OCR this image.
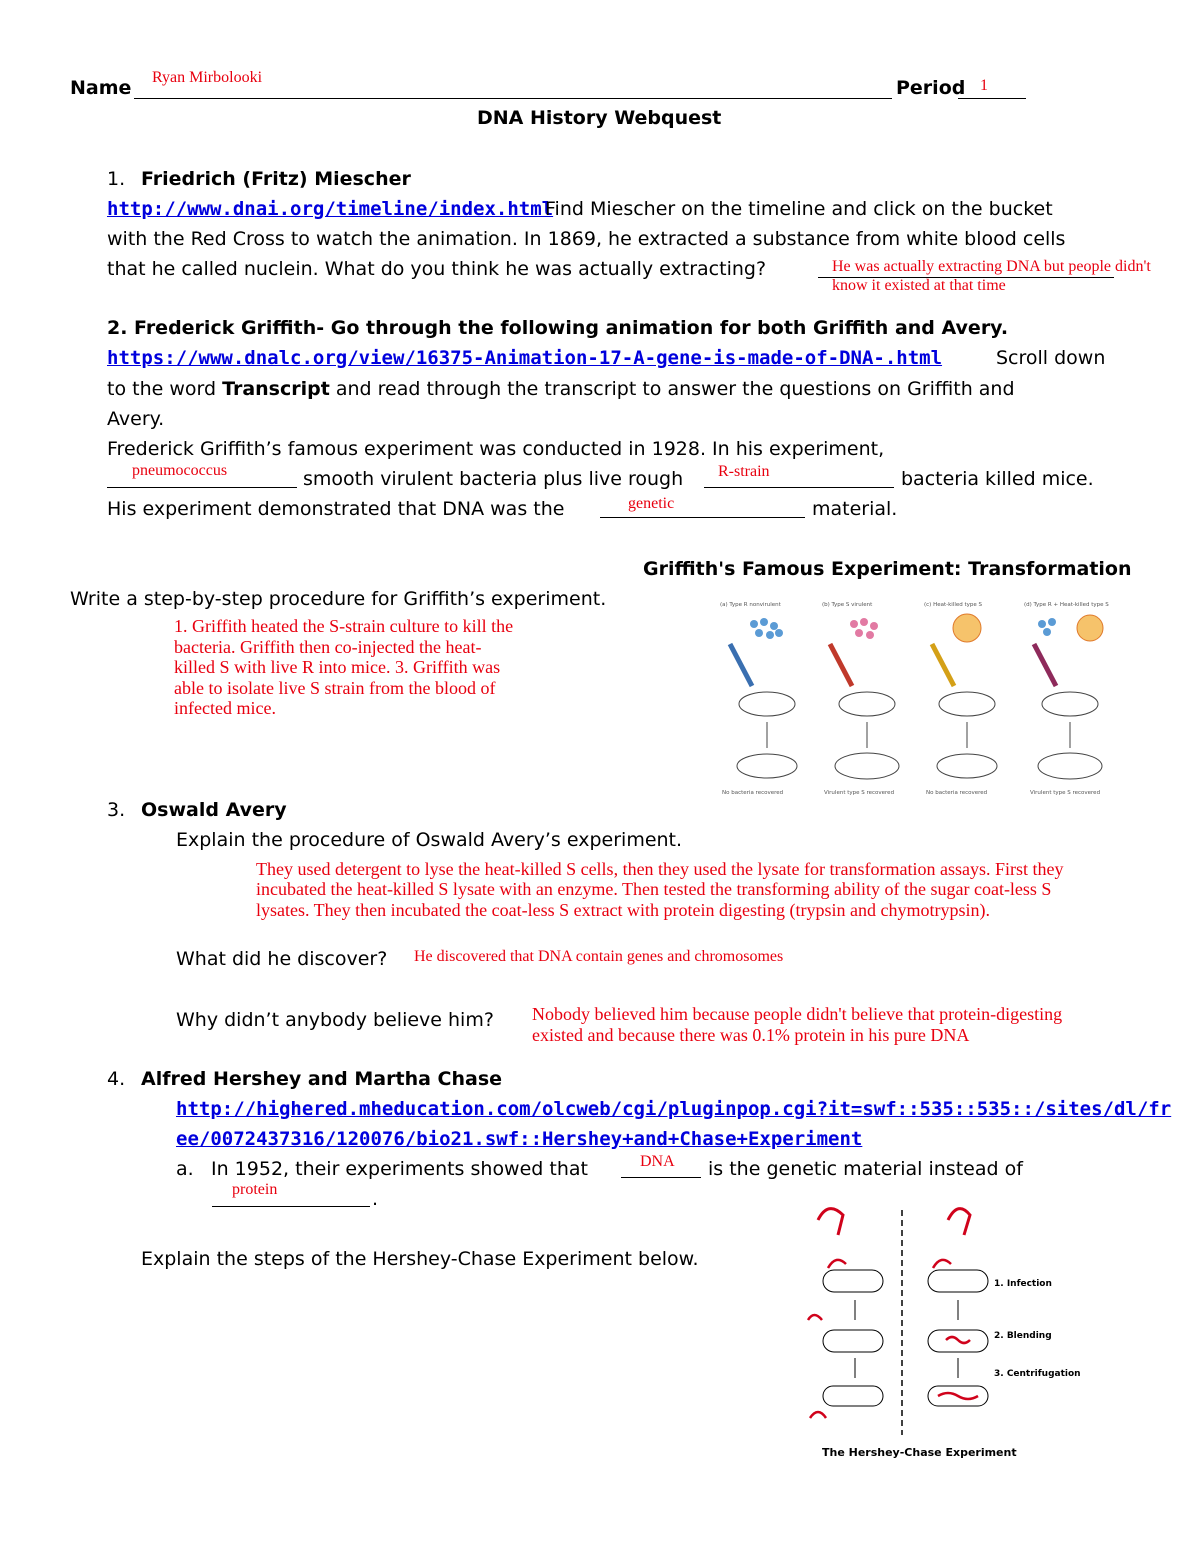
Name Ryan Mirbolooki	Period 1
DNA History Webquest
1. Friedrich (Fritz) Miescher
http://www.dnai.org/timeline/index.html
Find Miescher on the timeline and click on the bucket
with the Red Cross to watch the animation. In 1869, he extracted a substance from white blood cells
that he called nuclein. What do you think he was actually extracting?	He was actually extracting DNA but people didn't
know it existed at that time
2. Frederick Griffith- Go through the following animation for both Griffith and Avery.
https://www.dnalc.org/view/16375-Animation-17-A-gene-is-made-of-DNA-.html	Scroll down
to the word Transcript and read through the transcript to answer the questions on Griffith and
Avery.
Frederick Griffith’s famous experiment was conducted in 1928. In his experiment,
pneumococcus	smooth virulent bacteria plus live rough R-strain	bacteria killed mice.
His experiment demonstrated that DNA was the	genetic	material.
Griffith's Famous Experiment: Transformation
Write a step-by-step procedure for Griffith’s experiment.
1. Griffith heated the S-strain culture to kill the
bacteria. Griffith then co-injected the heat-
killed S with live R into mice. 3. Griffith was
able to isolate live S strain from the blood of
infected mice.
(a) Type R nonvirulent	(b) Type S virulent	(c) Heat-killed type S	(d) Type R + Heat-killed type S
No bacteria recovered	Virulent type S recovered	No bacteria recovered	Virulent type S recovered
3. Oswald Avery
Explain the procedure of Oswald Avery’s experiment.
They used detergent to lyse the heat-killed S cells, then they used the lysate for transformation assays. First they
incubated the heat-killed S lysate with an enzyme. Then tested the transforming ability of the sugar coat-less S
lysates. They then incubated the coat-less S extract with protein digesting (trypsin and chymotrypsin).
What did he discover? He discovered that DNA contain genes and chromosomes
Why didn’t anybody believe him? Nobody believed him because people didn't believe that protein-digesting
existed and because there was 0.1% protein in his pure DNA
4. Alfred Hershey and Martha Chase
http://highered.mheducation.com/olcweb/cgi/pluginpop.cgi?it=swf::535::535::/sites/dl/fr
ee/0072437316/120076/bio21.swf::Hershey+and+Chase+Experiment
a. In 1952, their experiments showed that	DNA is the genetic material instead of
protein	.
Explain the steps of the Hershey-Chase Experiment below.
1. Infection
2. Blending
3. Centrifugation
The Hershey-Chase Experiment
